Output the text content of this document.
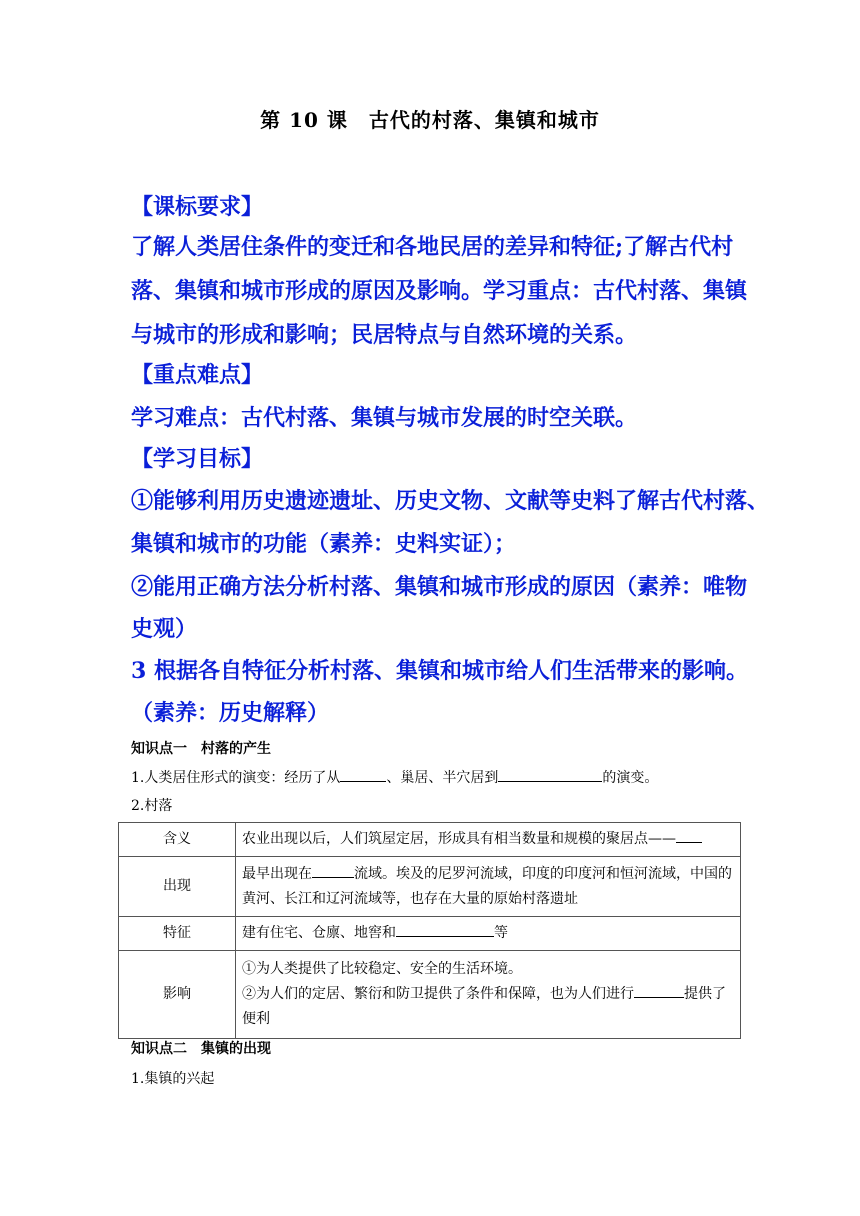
第 10 课　古代的村落、集镇和城市
【课标要求】
了解人类居住条件的变迁和各地民居的差异和特征;了解古代村
落、集镇和城市形成的原因及影响。学习重点：古代村落、集镇
与城市的形成和影响；民居特点与自然环境的关系。
【重点难点】
学习难点：古代村落、集镇与城市发展的时空关联。
【学习目标】
①能够利用历史遗迹遗址、历史文物、文献等史料了解古代村落、
集镇和城市的功能（素养：史料实证）；
②能用正确方法分析村落、集镇和城市形成的原因（素养：唯物
史观）
3 根据各自特征分析村落、集镇和城市给人们生活带来的影响。
（素养：历史解释）
知识点一　村落的产生
1.人类居住形式的演变：经历了从	、巢居、半穴居到	的演变。
2.村落
含义	农业出现以后，人们筑屋定居，形成具有相当数量和规模的聚居点——
出现	最早出现在 流域。埃及的尼罗河流域，印度的印度河和恒河流域，中国的黄河、长江和辽河流域等，也存在大量的原始村落遗址
特征	建有住宅、仓廪、地窖和 等
影响	①为人类提供了比较稳定、安全的生活环境。
②为人们的定居、繁衍和防卫提供了条件和保障，也为人们进行 提供了便利
知识点二　集镇的出现
1.集镇的兴起
